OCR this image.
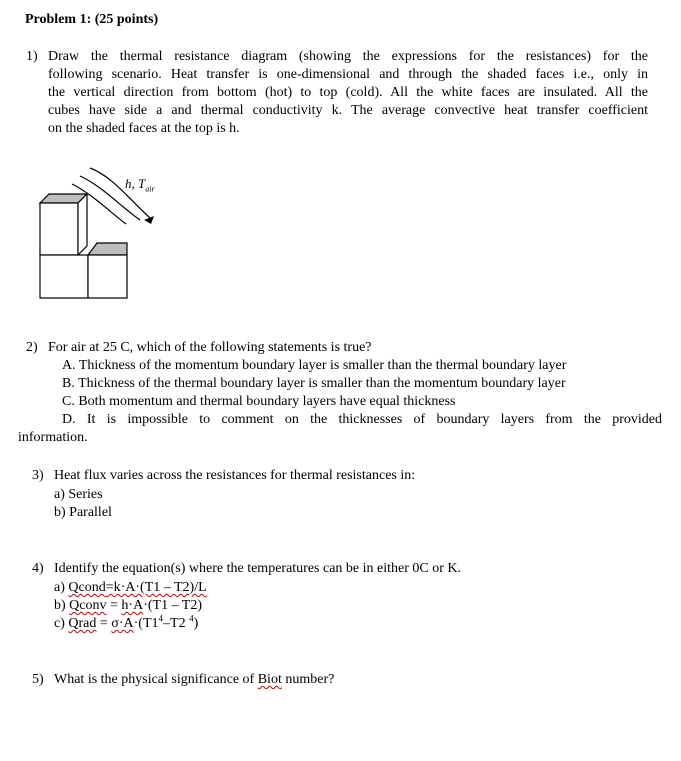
Problem 1: (25 points)
1) Draw the thermal resistance diagram (showing the expressions for the resistances) for the
following scenario. Heat transfer is one-dimensional and through the shaded faces i.e., only in
the vertical direction from bottom (hot) to top (cold). All the white faces are insulated. All the
cubes have side a and thermal conductivity k. The average convective heat transfer coefficient
on the shaded faces at the top is h.
h, $T_{air}$
2) For air at 25 C, which of the following statements is true?
A. Thickness of the momentum boundary layer is smaller than the thermal boundary layer
B. Thickness of the thermal boundary layer is smaller than the momentum boundary layer
C. Both momentum and thermal boundary layers have equal thickness
D. It is impossible to comment on the thicknesses of boundary layers from the provided
information.
3) Heat flux varies across the resistances for thermal resistances in:
a) Series
b) Parallel
4) Identify the equation(s) where the temperatures can be in either 0C or K.
a) Qcond=k·A·(T1 – T2)/L
b) Qconv = h·A·(T1 – T2)
c) Qrad = $\sigma\cdot A\cdot(T1^4-T2$ $^4$)
5) What is the physical significance of Biot number?
